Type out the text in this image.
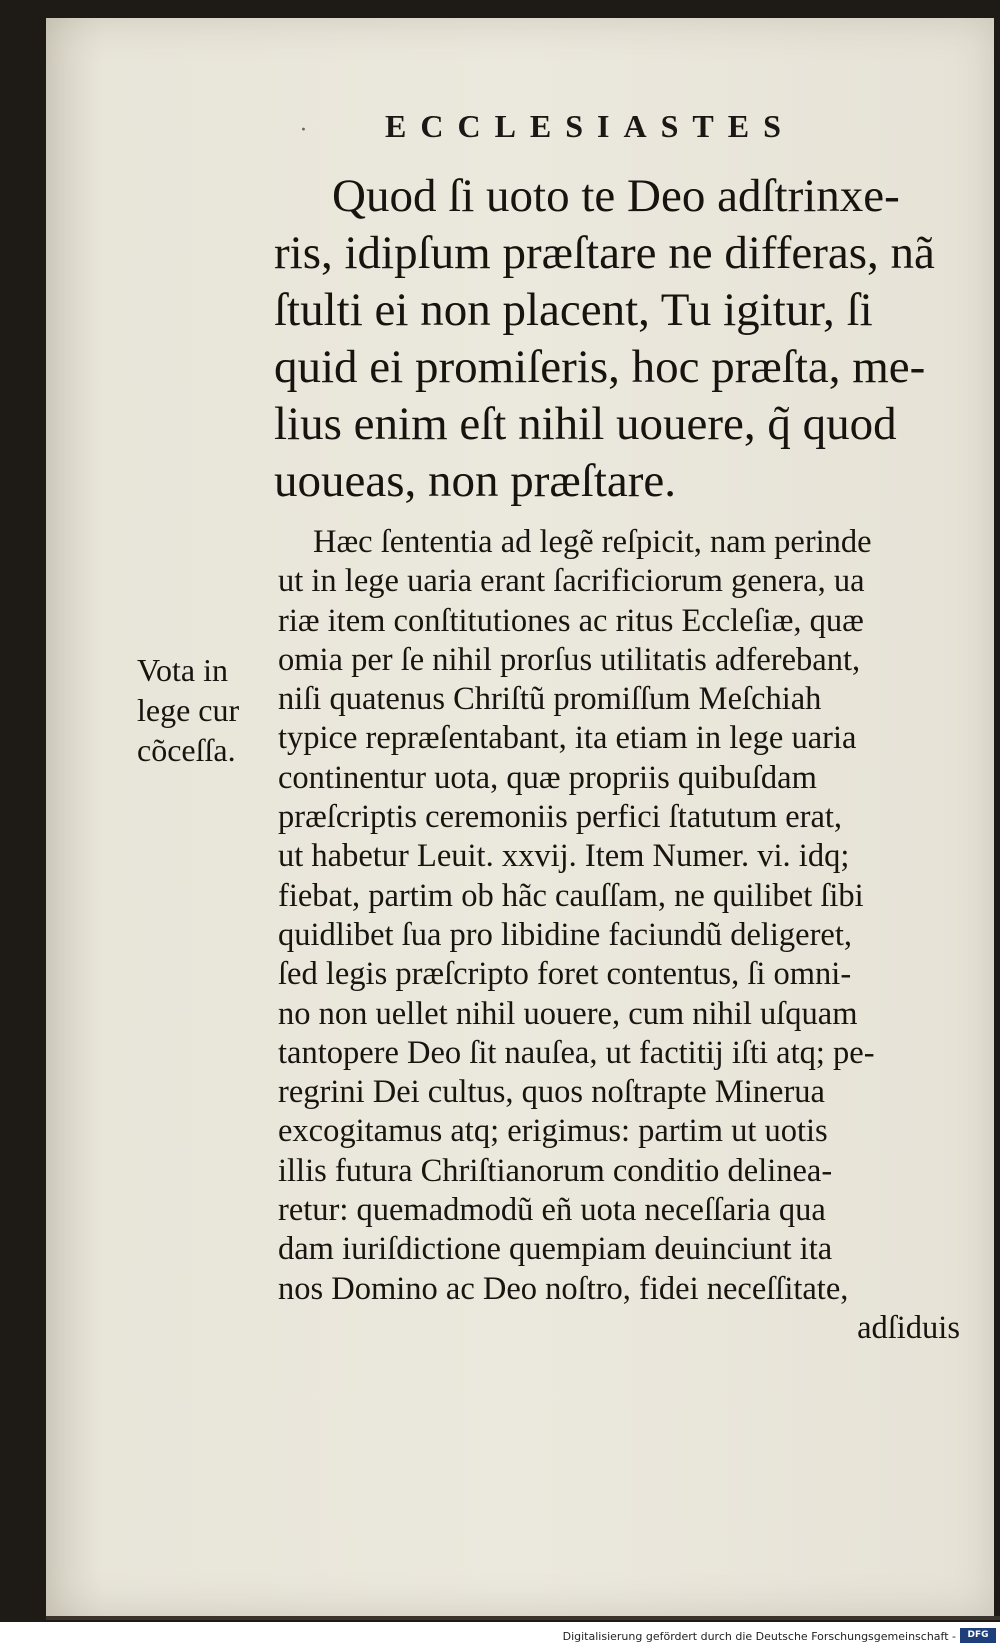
· ECCLESIASTES
Quod ſi uoto te Deo adſtrinxe-
ris, idipſum præſtare ne differas, nã
ſtulti ei non placent, Tu igitur, ſi
quid ei promiſeris, hoc præſta, me-
lius enim eſt nihil uouere, q̃ quod
uoueas, non præſtare.
Vota in
lege cur
cõceſſa.
Hæc ſententia ad legẽ reſpicit, nam perinde
ut in lege uaria erant ſacrificiorum genera, ua
riæ item conſtitutiones ac ritus Eccleſiæ, quæ
omia per ſe nihil prorſus utilitatis adferebant,
niſi quatenus Chriſtũ promiſſum Meſchiah
typice repræſentabant, ita etiam in lege uaria
continentur uota, quæ propriis quibuſdam
præſcriptis ceremoniis perfici ſtatutum erat,
ut habetur Leuit. xxvij. Item Numer. vi. idq;
fiebat, partim ob hãc cauſſam, ne quilibet ſibi
quidlibet ſua pro libidine faciundũ deligeret,
ſed legis præſcripto foret contentus, ſi omni-
no non uellet nihil uouere, cum nihil uſquam
tantopere Deo ſit nauſea, ut factitij iſti atq; pe-
regrini Dei cultus, quos noſtrapte Minerua
excogitamus atq; erigimus: partim ut uotis
illis futura Chriſtianorum conditio delinea-
retur: quemadmodũ eñ uota neceſſaria qua
dam iuriſdictione quempiam deuinciunt ita
nos Domino ac Deo noſtro, fidei neceſſitate,
adſiduis
Digitalisierung gefördert durch die Deutsche Forschungsgemeinschaft -	DFG
